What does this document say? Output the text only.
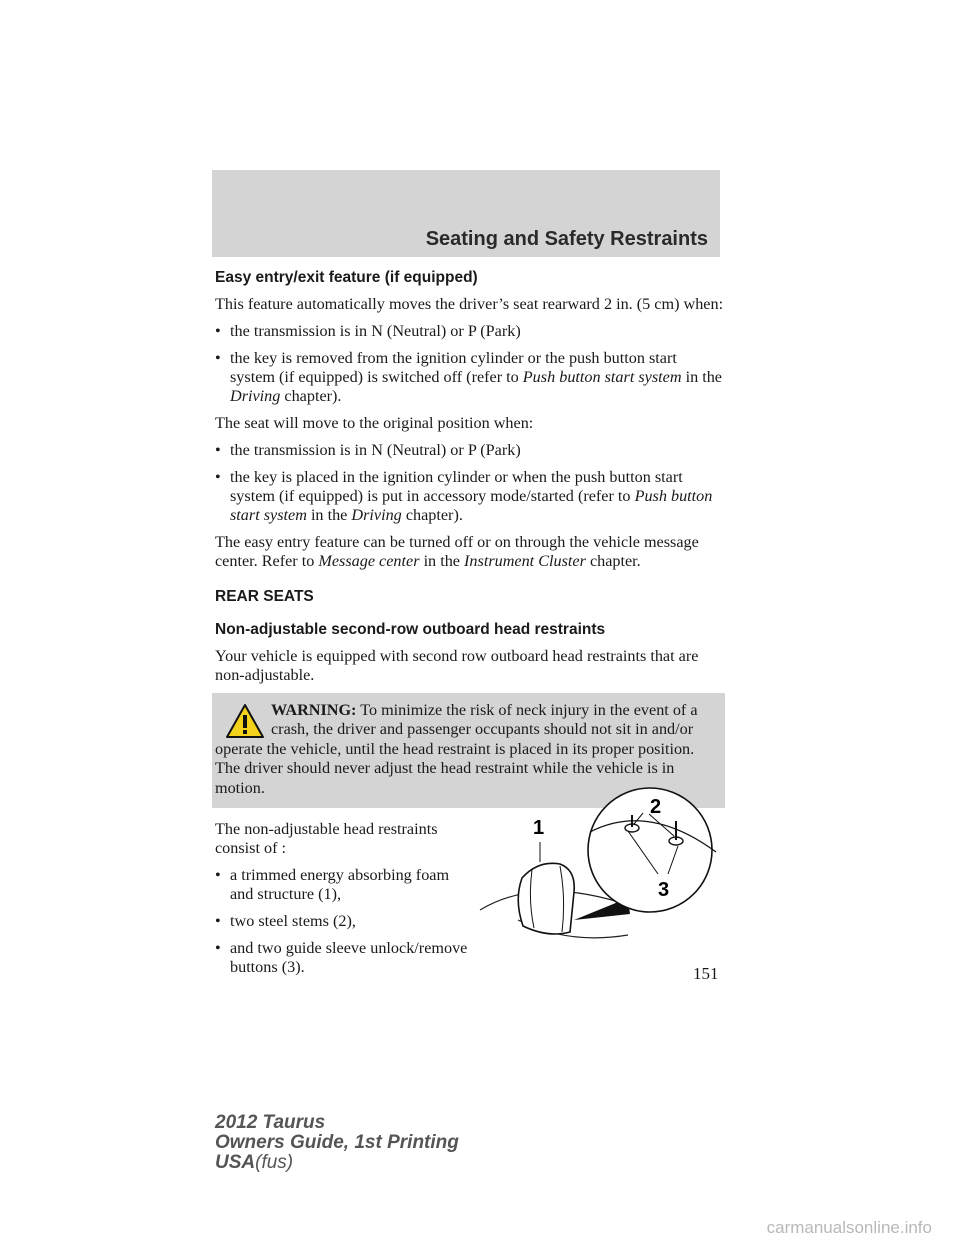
Seating and Safety Restraints
Easy entry/exit feature (if equipped)

This feature automatically moves the driver’s seat rearward 2 in. (5 cm) when:

• the transmission is in N (Neutral) or P (Park)
• the key is removed from the ignition cylinder or the push button start system (if equipped) is switched off (refer to Push button start system in the Driving chapter).

The seat will move to the original position when:

• the transmission is in N (Neutral) or P (Park)
• the key is placed in the ignition cylinder or when the push button start system (if equipped) is put in accessory mode/started (refer to Push button start system in the Driving chapter).

The easy entry feature can be turned off or on through the vehicle message center. Refer to Message center in the Instrument Cluster chapter.

REAR SEATS
Non-adjustable second-row outboard head restraints

Your vehicle is equipped with second row outboard head restraints that are non-adjustable.

WARNING: To minimize the risk of neck injury in the event of a crash, the driver and passenger occupants should not sit in and/or operate the vehicle, until the head restraint is placed in its proper position. The driver should never adjust the head restraint while the vehicle is in motion.

The non-adjustable head restraints consist of :

• a trimmed energy absorbing foam and structure (1),
• two steel stems (2),
• and two guide sleeve unlock/remove buttons (3).
1
2
3
151
2012 Taurus
Owners Guide, 1st Printing
USA(fus)
carmanualsonline.info
